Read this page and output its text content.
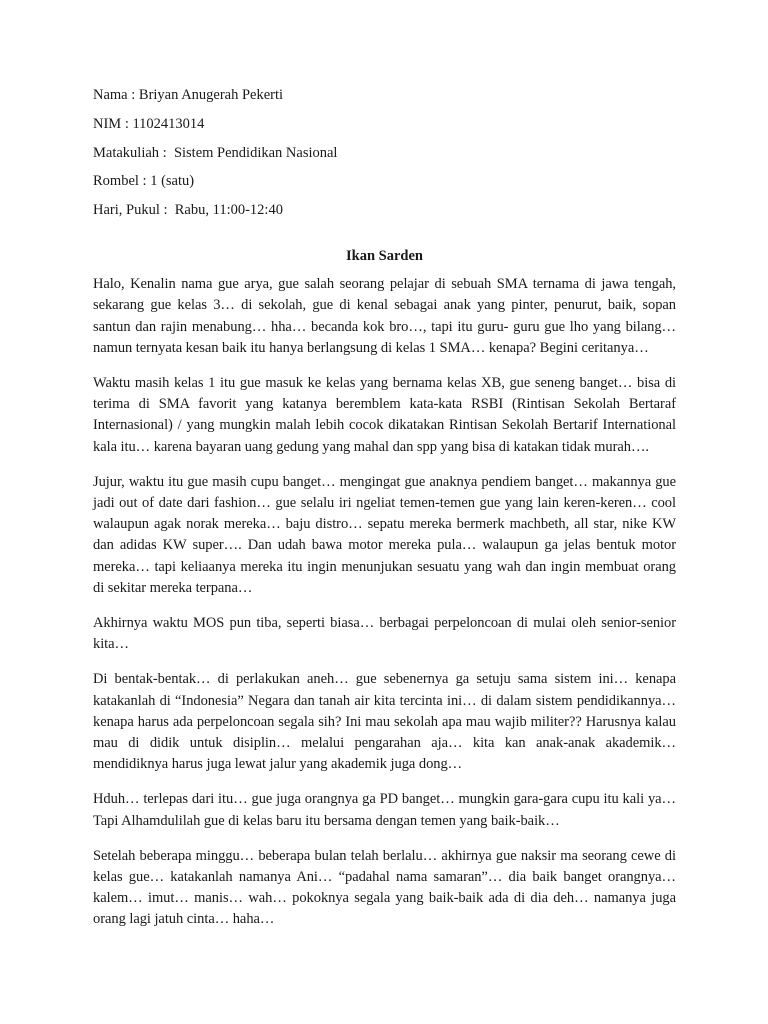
Nama : Briyan Anugerah Pekerti
NIM : 1102413014
Matakuliah :  Sistem Pendidikan Nasional
Rombel : 1 (satu)
Hari, Pukul :  Rabu, 11:00-12:40
Ikan Sarden

Halo, Kenalin nama gue arya, gue salah seorang pelajar di sebuah SMA ternama di jawa tengah, sekarang gue kelas 3… di sekolah, gue di kenal sebagai anak yang pinter, penurut, baik, sopan santun dan rajin menabung… hha… becanda kok bro…, tapi itu guru- guru gue lho yang bilang… namun ternyata kesan baik itu hanya berlangsung di kelas 1 SMA… kenapa? Begini ceritanya…

Waktu masih kelas 1 itu gue masuk ke kelas yang bernama kelas XB, gue seneng banget… bisa di terima di SMA favorit yang katanya beremblem kata-kata RSBI (Rintisan Sekolah Bertaraf Internasional) / yang mungkin malah lebih cocok dikatakan Rintisan Sekolah Bertarif International kala itu… karena bayaran uang gedung yang mahal dan spp yang bisa di katakan tidak murah….

Jujur, waktu itu gue masih cupu banget… mengingat gue anaknya pendiem banget… makannya gue jadi out of date dari fashion… gue selalu iri ngeliat temen-temen gue yang lain keren-keren… cool walaupun agak norak mereka… baju distro… sepatu mereka bermerk machbeth, all star, nike KW dan adidas KW super…. Dan udah bawa motor mereka pula… walaupun ga jelas bentuk motor mereka… tapi keliaanya mereka itu ingin menunjukan sesuatu yang wah dan ingin membuat orang di sekitar mereka terpana…

Akhirnya waktu MOS pun tiba, seperti biasa… berbagai perpeloncoan di mulai oleh senior-senior kita…

Di bentak-bentak… di perlakukan aneh… gue sebenernya ga setuju sama sistem ini… kenapa katakanlah di “Indonesia” Negara dan tanah air kita tercinta ini… di dalam sistem pendidikannya… kenapa harus ada perpeloncoan segala sih? Ini mau sekolah apa mau wajib militer?? Harusnya kalau mau di didik untuk disiplin… melalui pengarahan aja… kita kan anak-anak akademik… mendidiknya harus juga lewat jalur yang akademik juga dong…

Hduh… terlepas dari itu… gue juga orangnya ga PD banget… mungkin gara-gara cupu itu kali ya… Tapi Alhamdulilah gue di kelas baru itu bersama dengan temen yang baik-baik…

Setelah beberapa minggu… beberapa bulan telah berlalu… akhirnya gue naksir ma seorang cewe di kelas gue… katakanlah namanya Ani… “padahal nama samaran”… dia baik banget orangnya… kalem… imut… manis… wah… pokoknya segala yang baik-baik ada di dia deh… namanya juga orang lagi jatuh cinta… haha…
